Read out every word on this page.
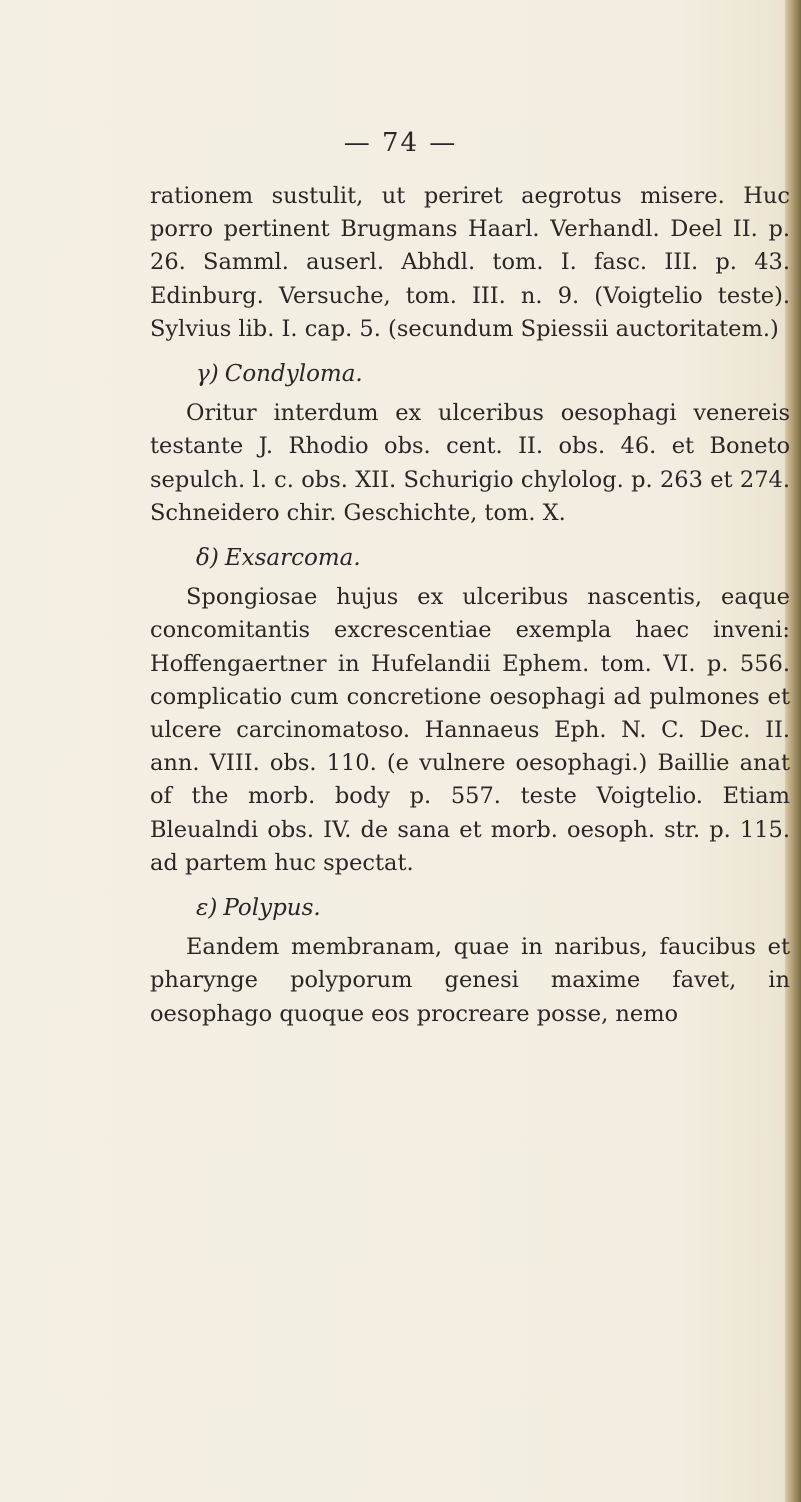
— 74 —

rationem sustulit, ut periret aegrotus misere. Huc porro pertinent Brugmans Haarl. Verhandl. Deel II. p. 26. Samml. auserl. Abhdl. tom. I. fasc. III. p. 43. Edinburg. Versuche, tom. III. n. 9. (Voigtelio teste). Sylvius lib. I. cap. 5. (secundum Spiessii auctoritatem.)

γ) Condyloma.

Oritur interdum ex ulceribus oesophagi venereis testante J. Rhodio obs. cent. II. obs. 46. et Boneto sepulch. l. c. obs. XII. Schurigio chylolog. p. 263 et 274. Schneidero chir. Geschichte, tom. X.

δ) Exsarcoma.

Spongiosae hujus ex ulceribus nascentis, eaque concomitantis excrescentiae exempla haec inveni: Hoffengaertner in Hufelandii Ephem. tom. VI. p. 556. complicatio cum concretione oesophagi ad pulmones et ulcere carcinomatoso. Hannaeus Eph. N. C. Dec. II. ann. VIII. obs. 110. (e vulnere oesophagi.) Baillie anat of the morb. body p. 557. teste Voigtelio. Etiam Bleualndi obs. IV. de sana et morb. oesoph. str. p. 115. ad partem huc spectat.

ε) Polypus.

Eandem membranam, quae in naribus, faucibus et pharynge polyporum genesi maxime favet, in oesophago quoque eos procreare posse, nemo
